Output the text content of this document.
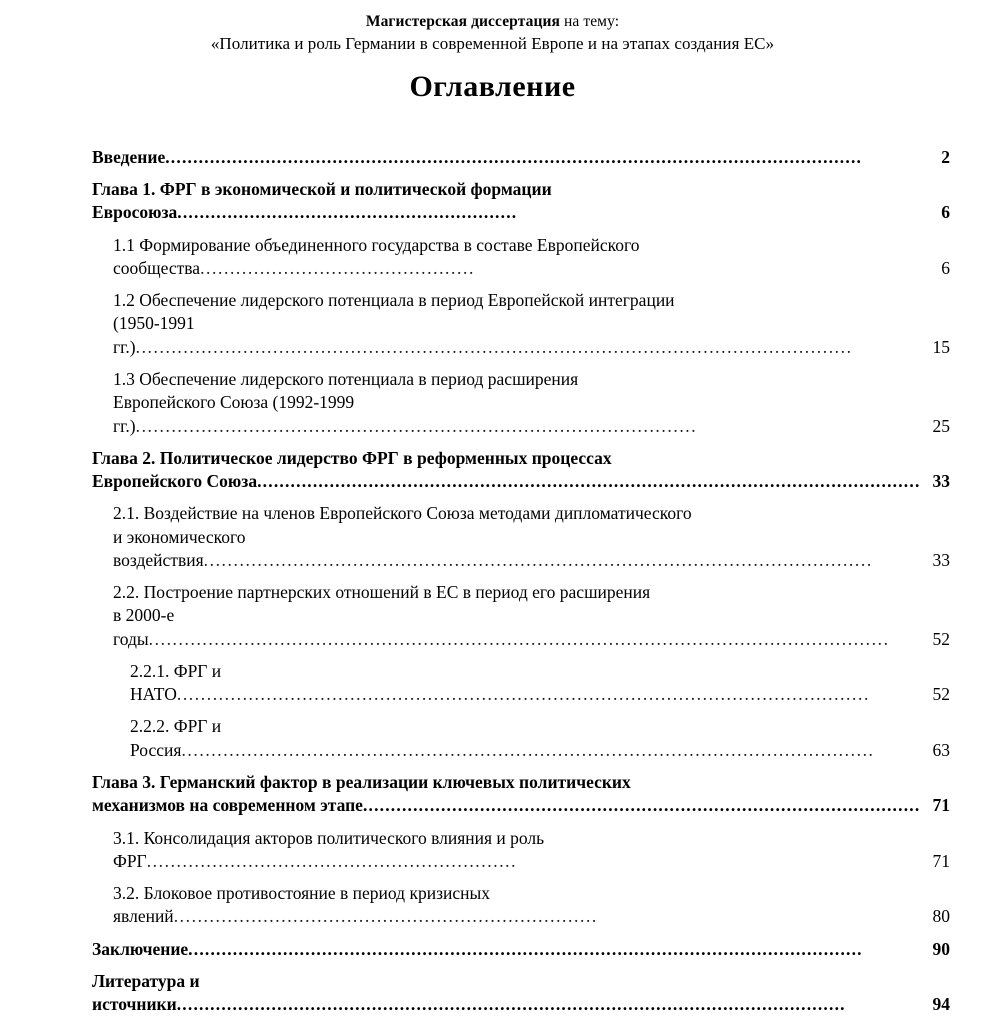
Магистерская диссертация на тему:
«Политика и роль Германии в современной Европе и на этапах создания ЕС»
Оглавление
Введение.............................................................................................................................	2
Глава 1. ФРГ в экономической и политической формации Евросоюза.............................................................	6
1.1 Формирование объединенного государства в составе Европейского сообщества..............................................	6
1.2 Обеспечение лидерского потенциала в период Европейской интеграции
(1950-1991 гг.)........................................................................................................................	15
1.3 Обеспечение лидерского потенциала в период расширения
Европейского Союза (1992-1999 гг.)..............................................................................................	25
Глава 2. Политическое лидерство ФРГ в реформенных процессах
Европейского Союза....................................................................................................................... 33
2.1. Воздействие на членов Европейского Союза методами дипломатического
и экономического воздействия................................................................................................................	33
2.2. Построение партнерских отношений в ЕС в период его расширения
в 2000-е годы............................................................................................................................	52
2.2.1. ФРГ и НАТО....................................................................................................................	52
2.2.2. ФРГ и Россия....................................................................................................................	63
Глава 3. Германский фактор в реализации ключевых политических
механизмов на современном этапе.................................................................................................... 71
3.1. Консолидация акторов политического влияния и роль ФРГ..............................................................	71
3.2. Блоковое противостояние в период кризисных явлений.......................................................................	80
Заключение.........................................................................................................................	90
Литература и источники........................................................................................................................	94
